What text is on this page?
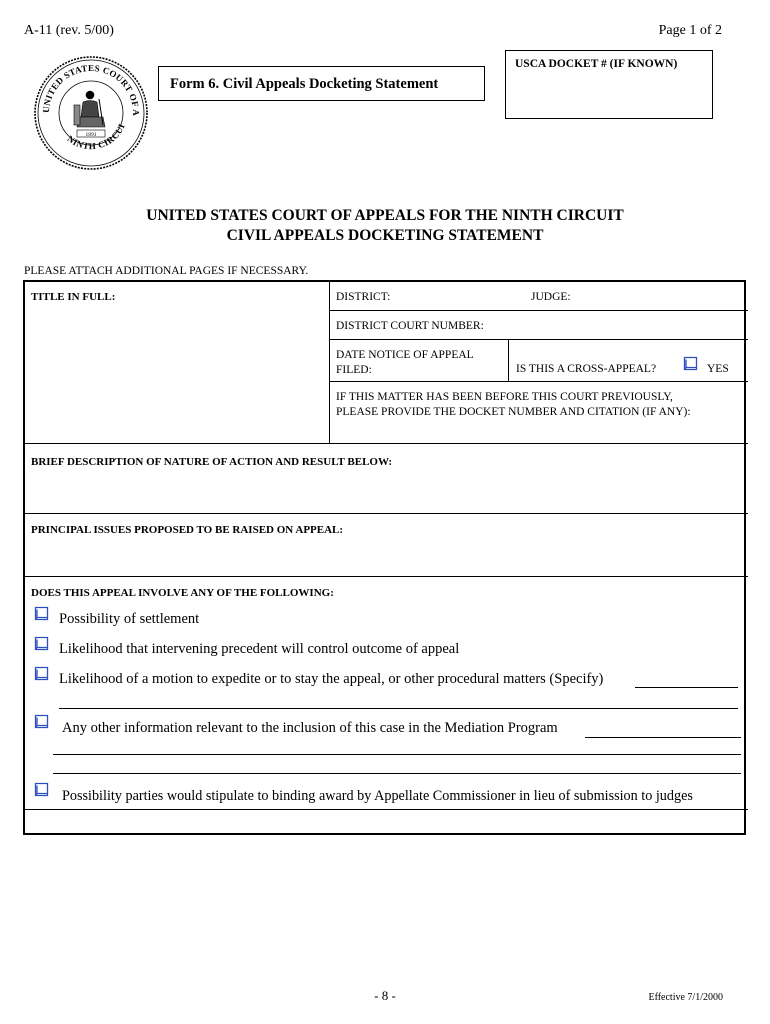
A-11 (rev. 5/00)	Page 1 of 2
UNITED STATES COURT OF A
NINTH CIRCUI
1891
Form 6. Civil Appeals Docketing Statement
USCA DOCKET # (IF KNOWN)
UNITED STATES COURT OF APPEALS FOR THE NINTH CIRCUIT
CIVIL APPEALS DOCKETING STATEMENT
PLEASE ATTACH ADDITIONAL PAGES IF NECESSARY.
TITLE IN FULL:	DISTRICT:	JUDGE:
DISTRICT COURT NUMBER:
DATE NOTICE OF APPEAL
FILED:	IS THIS A CROSS-APPEAL?	YES
IF THIS MATTER HAS BEEN BEFORE THIS COURT PREVIOUSLY,
PLEASE PROVIDE THE DOCKET NUMBER AND CITATION (IF ANY):
BRIEF DESCRIPTION OF NATURE OF ACTION AND RESULT BELOW:
PRINCIPAL ISSUES PROPOSED TO BE RAISED ON APPEAL:
DOES THIS APPEAL INVOLVE ANY OF THE FOLLOWING:
Possibility of settlement
Likelihood that intervening precedent will control outcome of appeal
Likelihood of a motion to expedite or to stay the appeal, or other procedural matters (Specify)
Any other information relevant to the inclusion of this case in the Mediation Program
Possibility parties would stipulate to binding award by Appellate Commissioner in lieu of submission to judges
- 8 -	Effective 7/1/2000
